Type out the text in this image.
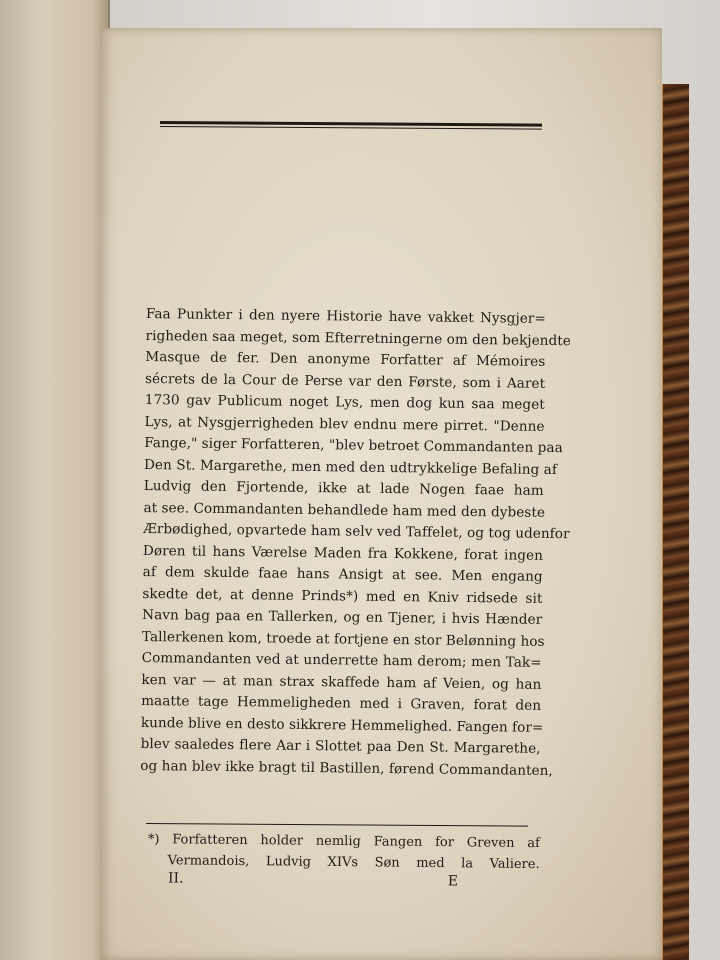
Faa Punkter i den nyere Historie have vakket Nysgjer=
righeden saa meget, som Efterretningerne om den bekjendte
Masque de fer. Den anonyme Forfatter af Mémoires
sécrets de la Cour de Perse var den Første, som i Aaret
1730 gav Publicum noget Lys, men dog kun saa meget
Lys, at Nysgjerrigheden blev endnu mere pirret. "Denne
Fange," siger Forfatteren, "blev betroet Commandanten paa
Den St. Margarethe, men med den udtrykkelige Befaling af
Ludvig den Fjortende, ikke at lade Nogen faae ham
at see. Commandanten behandlede ham med den dybeste
Ærbødighed, opvartede ham selv ved Taffelet, og tog udenfor
Døren til hans Værelse Maden fra Kokkene, forat ingen
af dem skulde faae hans Ansigt at see. Men engang
skedte det, at denne Prinds*) med en Kniv ridsede sit
Navn bag paa en Tallerken, og en Tjener, i hvis Hænder
Tallerkenen kom, troede at fortjene en stor Belønning hos
Commandanten ved at underrette ham derom; men Tak=
ken var — at man strax skaffede ham af Veien, og han
maatte tage Hemmeligheden med i Graven, forat den
kunde blive en desto sikkrere Hemmelighed. Fangen for=
blev saaledes flere Aar i Slottet paa Den St. Margarethe,
og han blev ikke bragt til Bastillen, førend Commandanten,
*) Forfatteren holder nemlig Fangen for Greven af
Vermandois, Ludvig XIVs Søn med la Valiere.
II.	E
